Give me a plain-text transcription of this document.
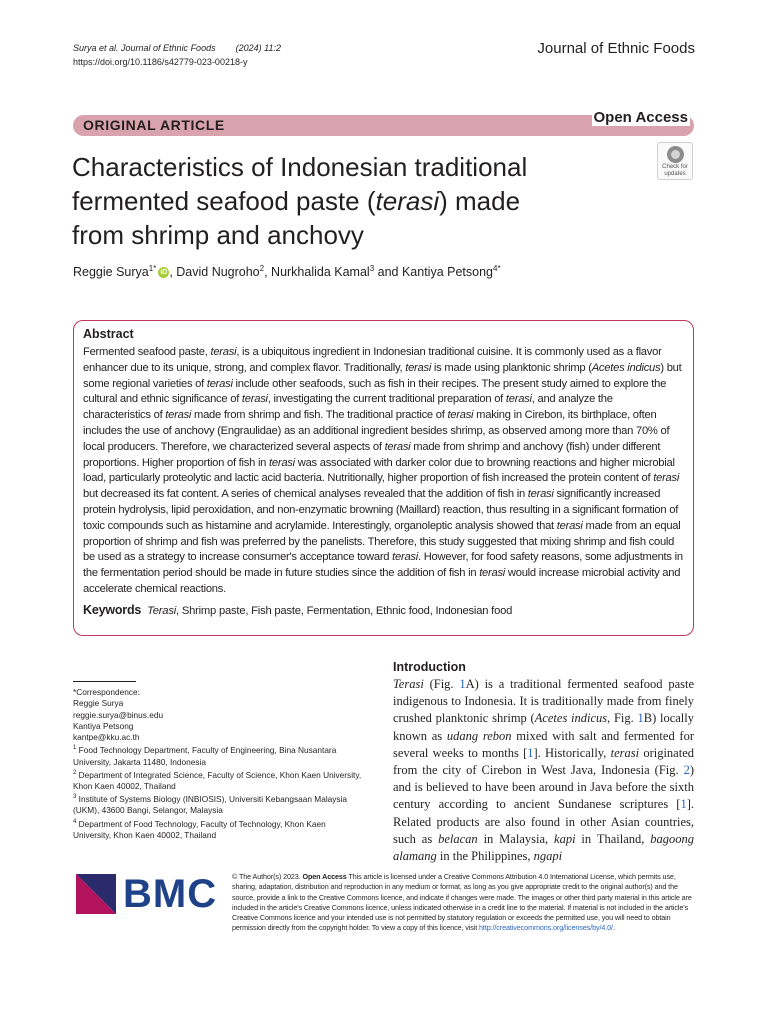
Surya et al. Journal of Ethnic Foods (2024) 11:2
https://doi.org/10.1186/s42779-023-00218-y
Journal of Ethnic Foods
ORIGINAL ARTICLE	Open Access
Characteristics of Indonesian traditional
fermented seafood paste (terasi) made
from shrimp and anchovy
Check for
updates
Reggie Surya$^{1*}$ iD , David Nugroho$^2$, Nurkhalida Kamal$^3$ and Kantiya Petsong$^{4*}$
Abstract
Fermented seafood paste, terasi, is a ubiquitous ingredient in Indonesian traditional cuisine. It is commonly used as a flavor enhancer due to its unique, strong, and complex flavor. Traditionally, terasi is made using planktonic shrimp (Acetes indicus) but some regional varieties of terasi include other seafoods, such as fish in their recipes. The present study aimed to explore the cultural and ethnic significance of terasi, investigating the current traditional preparation of terasi, and analyze the characteristics of terasi made from shrimp and fish. The traditional practice of terasi making in Cirebon, its birthplace, often includes the use of anchovy (Engraulidae) as an additional ingredient besides shrimp, as observed among more than 70% of local producers. Therefore, we characterized several aspects of terasi made from shrimp and anchovy (fish) under different proportions. Higher proportion of fish in terasi was associated with darker color due to browning reactions and higher microbial load, particularly proteolytic and lactic acid bacteria. Nutritionally, higher proportion of fish increased the protein content of terasi but decreased its fat content. A series of chemical analyses revealed that the addition of fish in terasi significantly increased protein hydrolysis, lipid peroxidation, and non-enzymatic browning (Maillard) reaction, thus resulting in a significant formation of toxic compounds such as histamine and acrylamide. Interestingly, organoleptic analysis showed that terasi made from an equal proportion of shrimp and fish was preferred by the panelists. Therefore, this study suggested that mixing shrimp and fish could be used as a strategy to increase consumer's acceptance toward terasi. However, for food safety reasons, some adjustments in the fermentation period should be made in future studies since the addition of fish in terasi would increase microbial activity and accelerate chemical reactions.
Keywords Terasi, Shrimp paste, Fish paste, Fermentation, Ethnic food, Indonesian food
*Correspondence:
Reggie Surya
reggie.surya@binus.edu
Kantiya Petsong
kantpe@kku.ac.th
$^1$ Food Technology Department, Faculty of Engineering, Bina Nusantara University, Jakarta 11480, Indonesia
$^2$ Department of Integrated Science, Faculty of Science, Khon Kaen University, Khon Kaen 40002, Thailand
$^3$ Institute of Systems Biology (INBIOSIS), Universiti Kebangsaan Malaysia (UKM), 43600 Bangi, Selangor, Malaysia
$^4$ Department of Food Technology, Faculty of Technology, Khon Kaen University, Khon Kaen 40002, Thailand
Introduction
Terasi (Fig. 1A) is a traditional fermented seafood paste indigenous to Indonesia. It is traditionally made from finely crushed planktonic shrimp (Acetes indicus, Fig. 1B) locally known as udang rebon mixed with salt and fermented for several weeks to months [1]. Historically, terasi originated from the city of Cirebon in West Java, Indonesia (Fig. 2) and is believed to have been around in Java before the sixth century according to ancient Sundanese scriptures [1]. Related products are also found in other Asian countries, such as belacan in Malaysia, kapi in Thailand, bagoong alamang in the Philippines, ngapi
BMC © The Author(s) 2023. Open Access This article is licensed under a Creative Commons Attribution 4.0 International License, which permits use, sharing, adaptation, distribution and reproduction in any medium or format, as long as you give appropriate credit to the original author(s) and the source, provide a link to the Creative Commons licence, and indicate if changes were made. The images or other third party material in this article are included in the article's Creative Commons licence, unless indicated otherwise in a credit line to the material. If material is not included in the article's Creative Commons licence and your intended use is not permitted by statutory regulation or exceeds the permitted use, you will need to obtain permission directly from the copyright holder. To view a copy of this licence, visit http://creativecommons.org/licenses/by/4.0/.
